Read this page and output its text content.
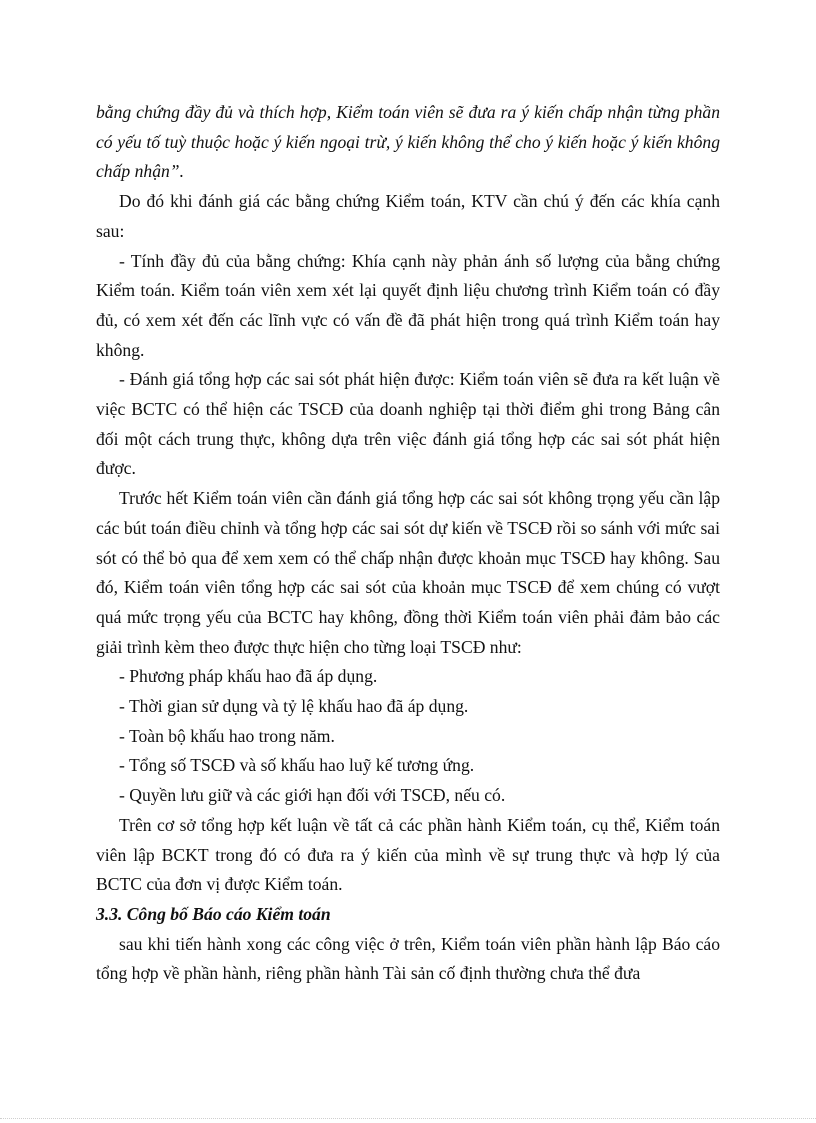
bằng chứng đầy đủ và thích hợp, Kiểm toán viên sẽ đưa ra ý kiến chấp nhận từng phần có yếu tố tuỳ thuộc hoặc ý kiến ngoại trừ, ý kiến không thể cho ý kiến hoặc ý kiến không chấp nhận”.

Do đó khi đánh giá các bằng chứng Kiểm toán, KTV cần chú ý đến các khía cạnh sau:

- Tính đầy đủ của bằng chứng: Khía cạnh này phản ánh số lượng của bằng chứng Kiểm toán. Kiểm toán viên xem xét lại quyết định liệu chương trình Kiểm toán có đầy đủ, có xem xét đến các lĩnh vực có vấn đề đã phát hiện trong quá trình Kiểm toán hay không.

- Đánh giá tổng hợp các sai sót phát hiện được: Kiểm toán viên sẽ đưa ra kết luận về việc BCTC có thể hiện các TSCĐ của doanh nghiệp tại thời điểm ghi trong Bảng cân đối một cách trung thực, không dựa trên việc đánh giá tổng hợp các sai sót phát hiện được.

Trước hết Kiểm toán viên cần đánh giá tổng hợp các sai sót không trọng yếu cần lập các bút toán điều chỉnh và tổng hợp các sai sót dự kiến về TSCĐ rồi so sánh với mức sai sót có thể bỏ qua để xem xem có thể chấp nhận được khoản mục TSCĐ hay không. Sau đó, Kiểm toán viên tổng hợp các sai sót của khoản mục TSCĐ để xem chúng có vượt quá mức trọng yếu của BCTC hay không, đồng thời Kiểm toán viên phải đảm bảo các giải trình kèm theo được thực hiện cho từng loại TSCĐ như:

- Phương pháp khấu hao đã áp dụng.

- Thời gian sử dụng và tỷ lệ khấu hao đã áp dụng.

- Toàn bộ khấu hao trong năm.

- Tổng số TSCĐ và số khấu hao luỹ kế tương ứng.

- Quyền lưu giữ và các giới hạn đối với TSCĐ, nếu có.

Trên cơ sở tổng hợp kết luận về tất cả các phần hành Kiểm toán, cụ thể, Kiểm toán viên lập BCKT trong đó có đưa ra ý kiến của mình về sự trung thực và hợp lý của BCTC của đơn vị được Kiểm toán.

3.3. Công bố Báo cáo Kiểm toán

sau khi tiến hành xong các công việc ở trên, Kiểm toán viên phần hành lập Báo cáo tổng hợp về phần hành, riêng phần hành Tài sản cố định thường chưa thể đưa
